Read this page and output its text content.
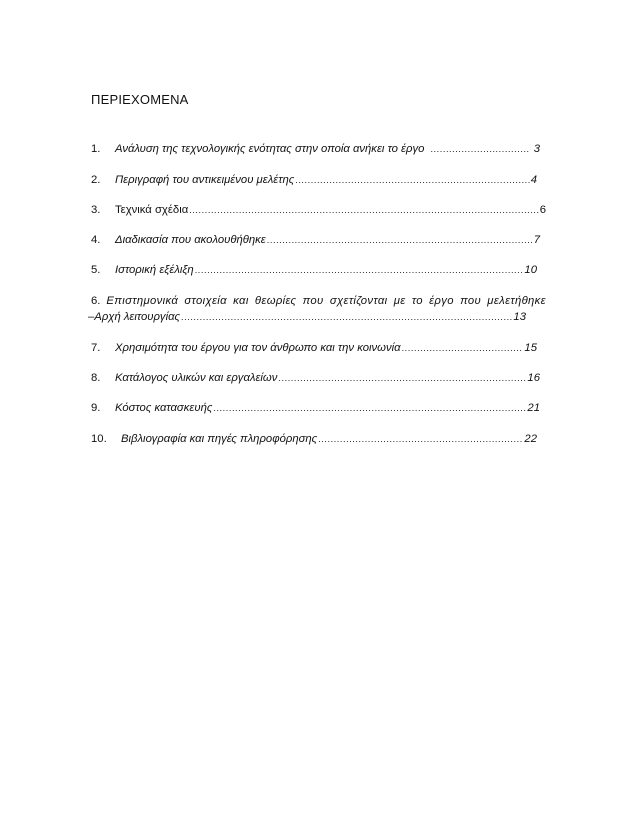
ΠΕΡΙΕΧΟΜΕΝΑ
1.	Ανάλυση της τεχνολογικής ενότητας στην οποία ανήκει το έργο .....	3
2.	Περιγραφή του αντικειμένου μελέτης .....	4
3.	Τεχνικά σχέδια .....	6
4.	Διαδικασία που ακολουθήθηκε .....	7
5.	Ιστορική εξέλιξη .....	10
6. Επιστημονικά στοιχεία και θεωρίες που σχετίζονται με το έργο που μελετήθηκε
–Αρχή λειτουργίας .....	13
7.	Χρησιμότητα του έργου για τον άνθρωπο και την κοινωνία .....	15
8.	Κατάλογος υλικών και εργαλείων .....	16
9.	Κόστος κατασκευής .....	21
10.	Βιβλιογραφία και πηγές πληροφόρησης .....	22
